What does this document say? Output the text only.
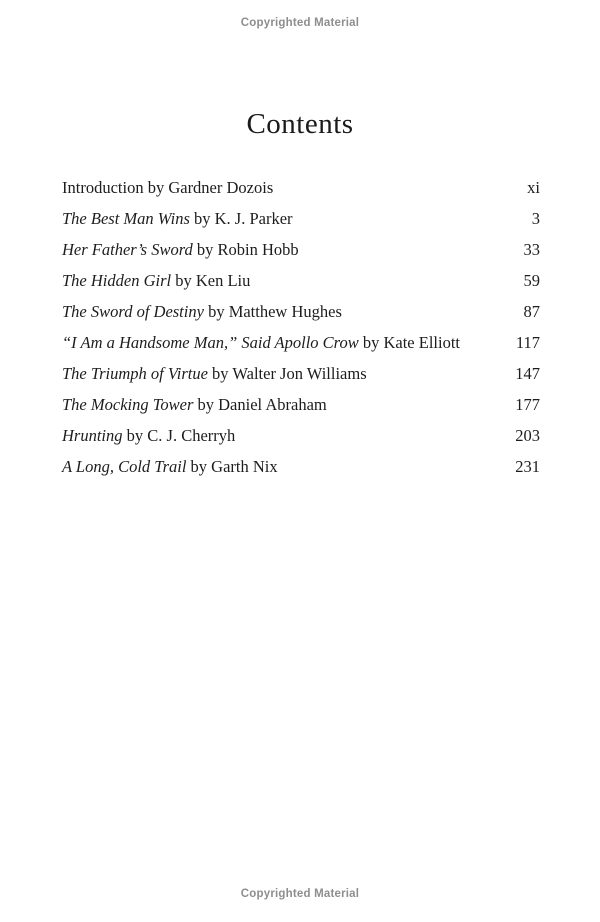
Copyrighted Material
Contents
Introduction by Gardner Dozois	xi
The Best Man Wins by K. J. Parker	3
Her Father’s Sword by Robin Hobb	33
The Hidden Girl by Ken Liu	59
The Sword of Destiny by Matthew Hughes	87
“I Am a Handsome Man,” Said Apollo Crow by Kate Elliott	117
The Triumph of Virtue by Walter Jon Williams	147
The Mocking Tower by Daniel Abraham	177
Hrunting by C. J. Cherryh	203
A Long, Cold Trail by Garth Nix	231
Copyrighted Material
